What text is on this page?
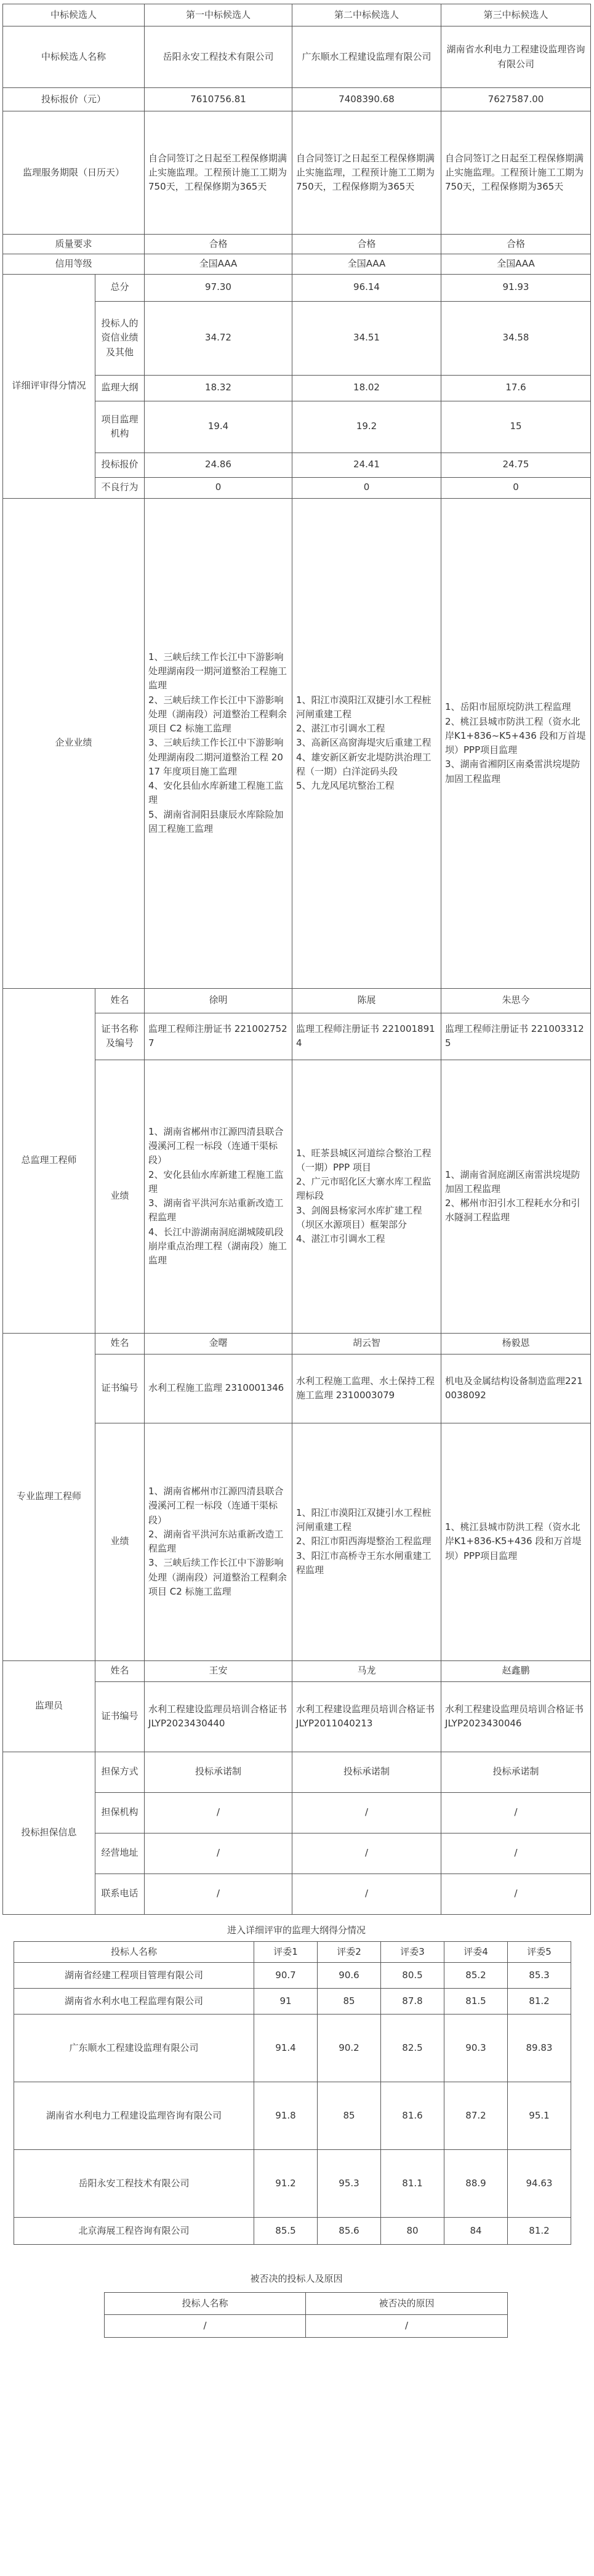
中标候选人		第一中标候选人	第二中标候选人	第三中标候选人
中标候选人名称		岳阳永安工程技术有限公司	广东顺水工程建设监理有限公司	湖南省水利电力工程建设监理咨询有限公司
投标报价（元）		7610756.81	7408390.68	7627587.00
监理服务期限（日历天）		自合同签订之日起至工程保修期满止实施监理。工程预计施工工期为750天，工程保修期为365天	自合同签订之日起至工程保修期满止实施监理，工程预计施工工期为750天，工程保修期为365天	自合同签订之日起至工程保修期满止实施监理。工程预计施工工期为750天，工程保修期为365天
质量要求		合格	合格	合格
信用等级		全国AAA	全国AAA	全国AAA
详细评审得分情况	总分	97.30	96.14	91.93
	投标人的资信业绩及其他	34.72	34.51	34.58
	监理大纲	18.32	18.02	17.6
	项目监理机构	19.4	19.2	15
	投标报价	24.86	24.41	24.75
	不良行为	0	0	0
企业业绩		1、三峡后续工作长江中下游影响处理湖南段一期河道整治工程施工监理
2、三峡后续工作长江中下游影响处理（湖南段）河道整治工程剩余项目 C2 标施工监理
3、三峡后续工作长江中下游影响处理湖南段二期河道整治工程 2017 年度项目施工监理
4、安化县仙水库新建工程施工监理
5、湖南省洞阳县康辰水库除险加固工程施工监理	1、阳江市漠阳江双捷引水工程桩河闸重建工程
2、湛江市引调水工程
3、高新区高窗海堤灾后重建工程
4、雄安新区新安北堤防洪治理工程（一期）白洋淀码头段
5、九龙风尾坑整治工程	1、岳阳市屈原垸防洪工程监理
2、桃江县城市防洪工程（资水北岸K1+836~K5+436 段和万首堤坝）PPP项目监理
3、湖南省湘阴区南桑雷洪垸堤防加固工程监理

总监理工程师	姓名	徐明	陈展	朱思今
	证书名称及编号	监理工程师注册证书 2210027527	监理工程师注册证书 2210018914	监理工程师注册证书 2210033125
	业绩	1、湖南省郴州市江源四清县联合漫溪河工程一标段（连通干渠标段）
2、安化县仙水库新建工程施工监理
3、湖南省平洪河东站重新改造工程监理
4、长江中游湖南洞庭湖城陵矶段崩岸重点治理工程（湖南段）施工监理	1、旺茶县城区河道综合整治工程（一期）PPP 项目
2、广元市昭化区大寨水库工程监理标段
3、剑阁县杨家河水库扩建工程（坝区水源项目）框架部分
4、湛江市引调水工程	1、湖南省洞庭湖区南雷洪垸堤防加固工程监理
2、郴州市汩引水工程耗水分和引水隧洞工程监理

专业监理工程师	姓名	金曙	胡云智	杨毅恩
	证书编号	水利工程施工监理 2310001346	水利工程施工监理、水土保持工程施工监理 2310003079	机电及金属结构设备制造监理2210038092
	业绩	1、湖南省郴州市江源四清县联合漫溪河工程一标段（连通干渠标段）
2、湖南省平洪河东站重新改造工程监理
3、三峡后续工作长江中下游影响处理（湖南段）河道整治工程剩余项目 C2 标施工监理	1、阳江市漠阳江双捷引水工程桩河闸重建工程
2、阳江市阳西海堤整治工程监理
3、阳江市高桥寺王东水闸重建工程监理	1、桃江县城市防洪工程（资水北岸K1+836-K5+436 段和万首堤坝）PPP项目监理

监理员	姓名	王安	马龙	赵鑫鹏
	证书编号	水利工程建设监理员培训合格证书 JLYP2023430440	水利工程建设监理员培训合格证书 JLYP2011040213	水利工程建设监理员培训合格证书 JLYP2023430046
投标担保信息	担保方式	投标承诺制	投标承诺制	投标承诺制
	担保机构	/	/	/
	经营地址	/	/	/
	联系电话	/	/	/
进入详细评审的监理大纲得分情况
投标人名称	评委1	评委2	评委3	评委4	评委5
湖南省经建工程项目管理有限公司	90.7	90.6	80.5	85.2	85.3
湖南省水利水电工程监理有限公司	91	85	87.8	81.5	81.2
广东顺水工程建设监理有限公司	91.4	90.2	82.5	90.3	89.83
湖南省水利电力工程建设监理咨询有限公司	91.8	85	81.6	87.2	95.1
岳阳永安工程技术有限公司	91.2	95.3	81.1	88.9	94.63
北京海展工程咨询有限公司	85.5	85.6	80	84	81.2
被否决的投标人及原因
投标人名称	被否决的原因
/	/
